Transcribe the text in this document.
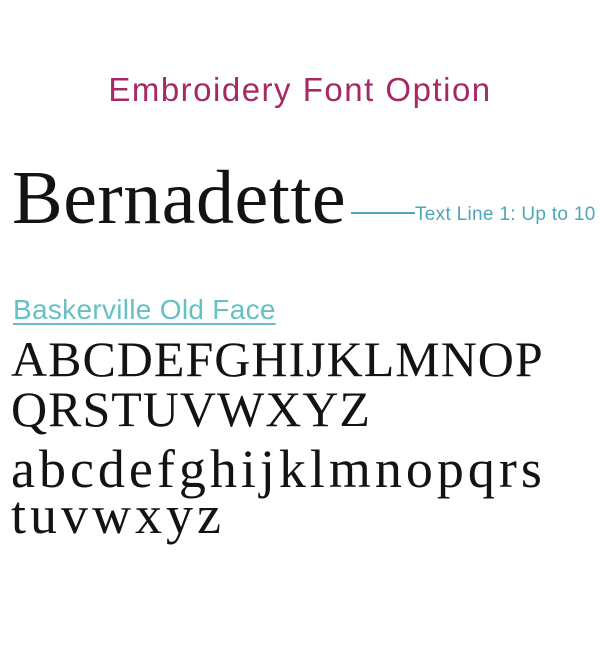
Embroidery Font Option
Bernadette	Text Line 1: Up to 10
Baskerville Old Face
ABCDEFGHIJKLMNOP
QRSTUVWXYZ
abcdefghijklmnopqrs
tuvwxyz
